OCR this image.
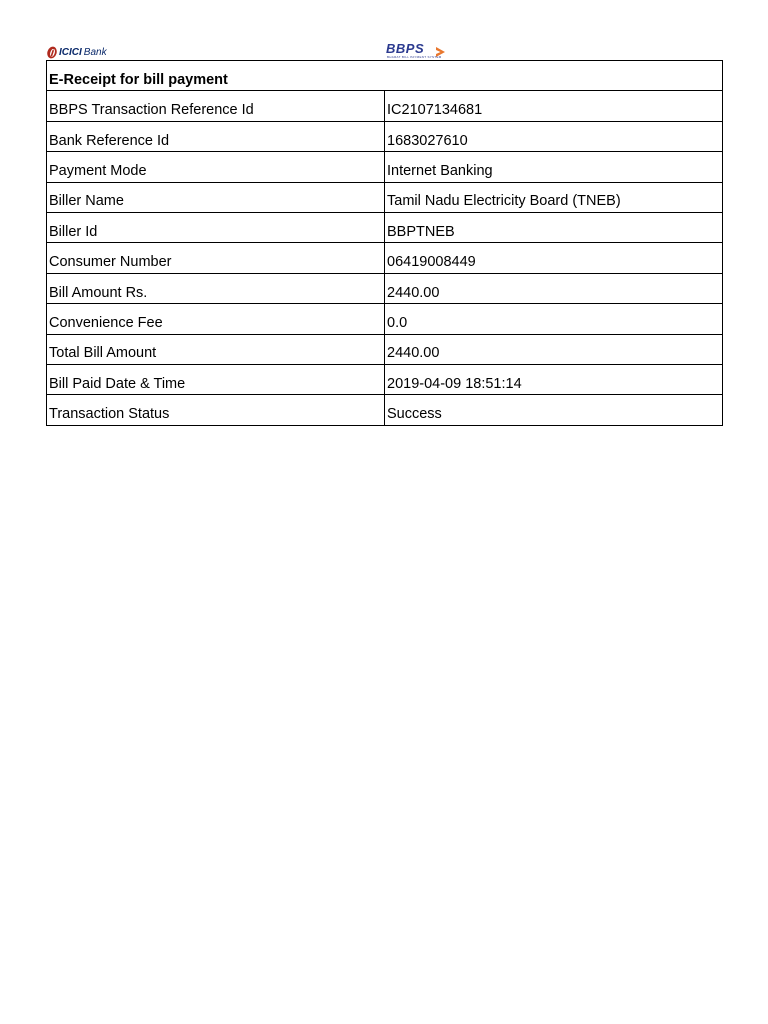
ICICI Bank	BBPS
BHARAT BILL PAYMENT SYSTEM
E-Receipt for bill payment	
BBPS Transaction Reference Id	IC2107134681
Bank Reference Id	1683027610
Payment Mode	Internet Banking
Biller Name	Tamil Nadu Electricity Board (TNEB)
Biller Id	BBPTNEB
Consumer Number	06419008449
Bill Amount Rs.	2440.00
Convenience Fee	0.0
Total Bill Amount	2440.00
Bill Paid Date & Time	2019-04-09 18:51:14
Transaction Status	Success
